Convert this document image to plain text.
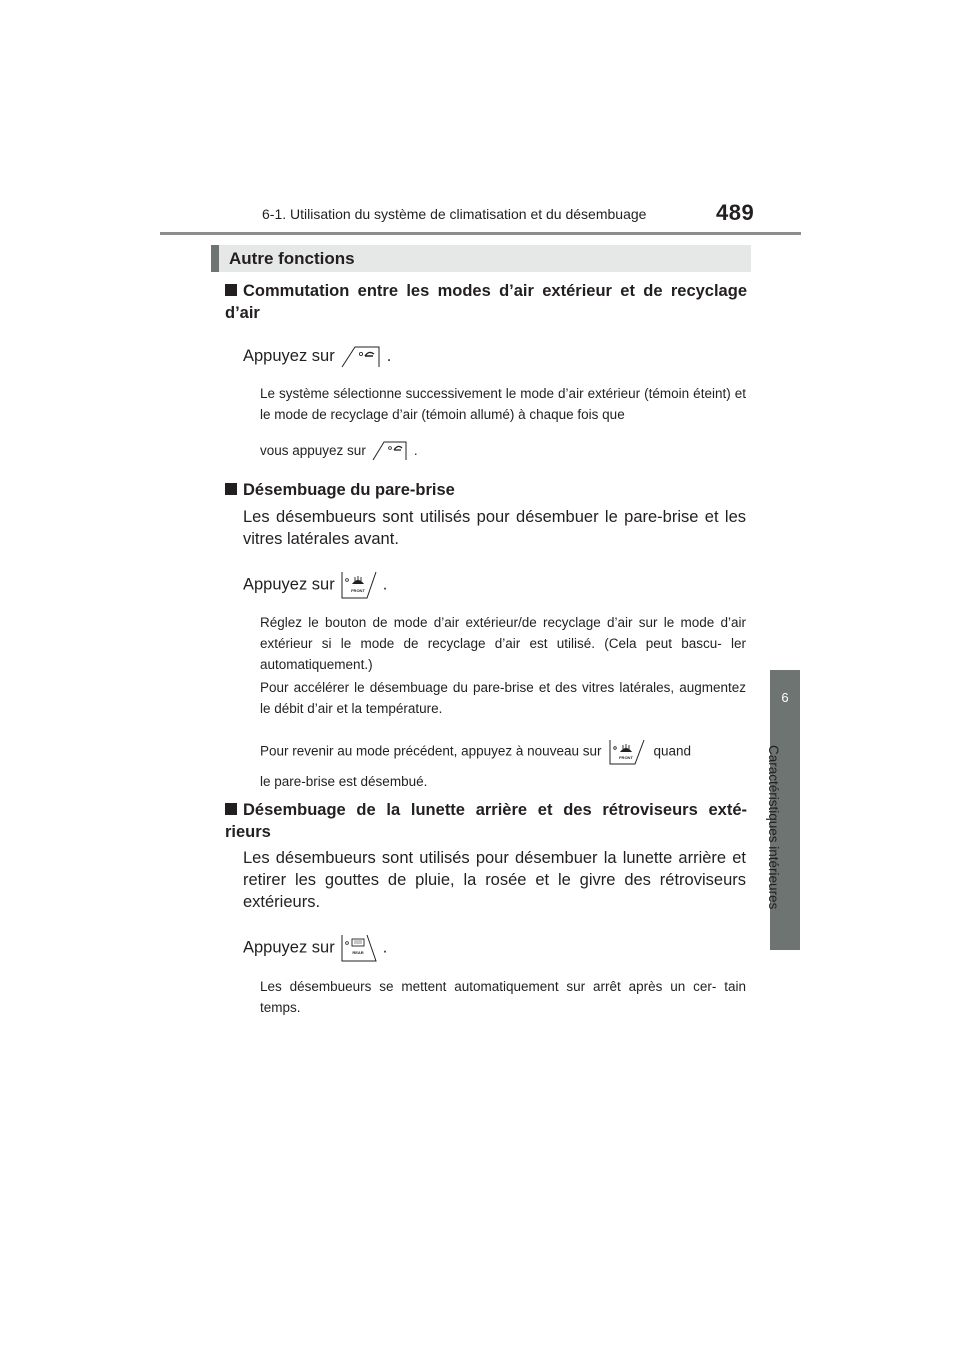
6-1. Utilisation du système de climatisation et du désembuage	489
6
Caractéristiques intérieures
Autre fonctions
Commutation entre les modes d’air extérieur et de recyclage d’air
Appuyez sur	.
Le système sélectionne successivement le mode d’air extérieur (témoin éteint) et le mode de recyclage d’air (témoin allumé) à chaque fois que
vous appuyez sur	.
Désembuage du pare-brise
Les désembueurs sont utilisés pour désembuer le pare-brise et les vitres latérales avant.
Appuyez sur	FRONT .
Réglez le bouton de mode d’air extérieur/de recyclage d’air sur le mode d’air extérieur si le mode de recyclage d’air est utilisé. (Cela peut bascu- ler automatiquement.)
Pour accélérer le désembuage du pare-brise et des vitres latérales, augmentez le débit d’air et la température.
Pour revenir au mode précédent, appuyez à nouveau sur	FRONT quand
le pare-brise est désembué.
Désembuage de la lunette arrière et des rétroviseurs exté- rieurs
Les désembueurs sont utilisés pour désembuer la lunette arrière et retirer les gouttes de pluie, la rosée et le givre des rétroviseurs extérieurs.
Appuyez sur	REAR .
Les désembueurs se mettent automatiquement sur arrêt après un cer- tain temps.
